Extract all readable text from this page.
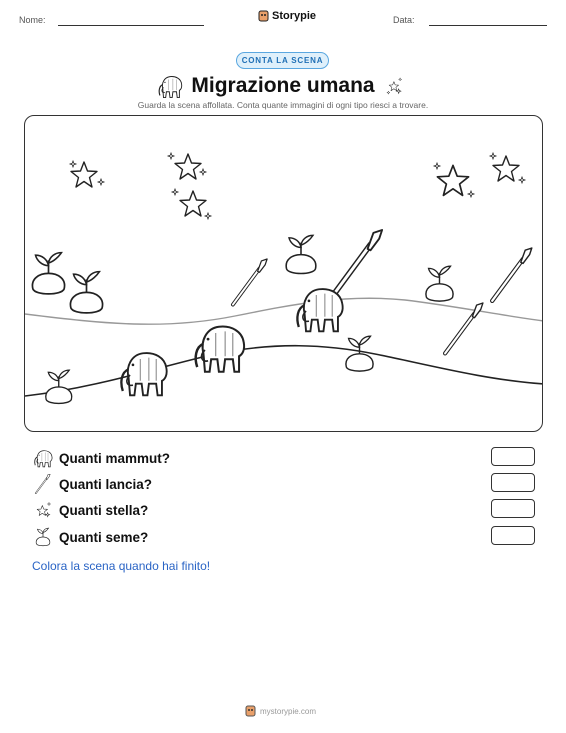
Nome:	Storypie	Data:
CONTA LA SCENA
Migrazione umana
Guarda la scena affollata. Conta quante immagini di ogni tipo riesci a trovare.
Quanti mammut?
Quanti lancia?
Quanti stella?
Quanti seme?
Colora la scena quando hai finito!
mystorypie.com
